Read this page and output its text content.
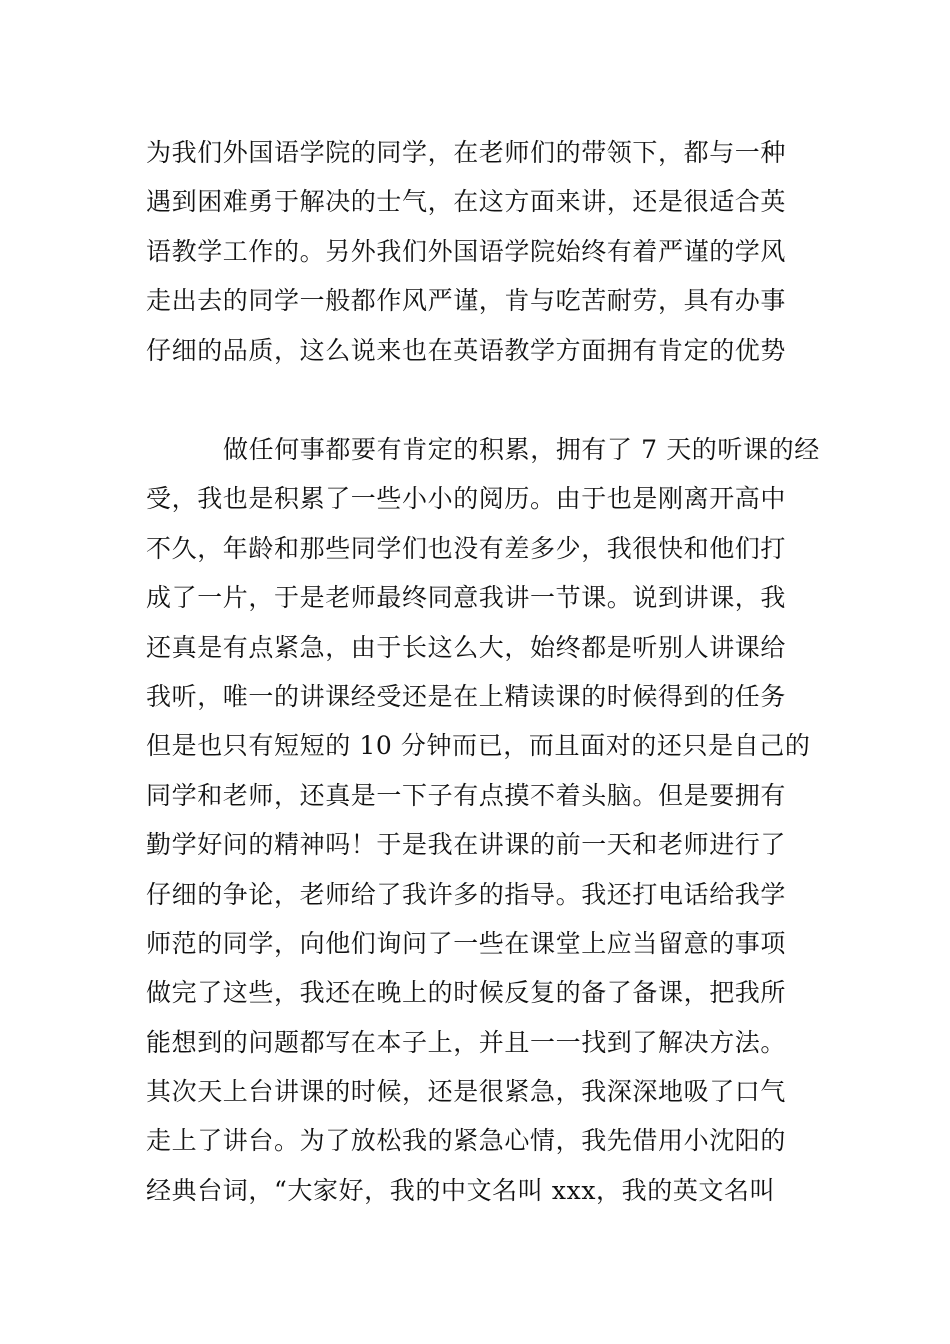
为我们外国语学院的同学，在老师们的带领下，都与一种
遇到困难勇于解决的士气，在这方面来讲，还是很适合英
语教学工作的。另外我们外国语学院始终有着严谨的学风
走出去的同学一般都作风严谨，肯与吃苦耐劳，具有办事
仔细的品质，这么说来也在英语教学方面拥有肯定的优势
做任何事都要有肯定的积累，拥有了 7 天的听课的经
受，我也是积累了一些小小的阅历。由于也是刚离开高中
不久，年龄和那些同学们也没有差多少，我很快和他们打
成了一片，于是老师最终同意我讲一节课。说到讲课，我
还真是有点紧急，由于长这么大，始终都是听别人讲课给
我听，唯一的讲课经受还是在上精读课的时候得到的任务
但是也只有短短的 10 分钟而已，而且面对的还只是自己的
同学和老师，还真是一下子有点摸不着头脑。但是要拥有
勤学好问的精神吗！于是我在讲课的前一天和老师进行了
仔细的争论，老师给了我许多的指导。我还打电话给我学
师范的同学，向他们询问了一些在课堂上应当留意的事项
做完了这些，我还在晚上的时候反复的备了备课，把我所
能想到的问题都写在本子上，并且一一找到了解决方法。
其次天上台讲课的时候，还是很紧急，我深深地吸了口气
走上了讲台。为了放松我的紧急心情，我先借用小沈阳的
经典台词，“大家好，我的中文名叫 xxx，我的英文名叫
